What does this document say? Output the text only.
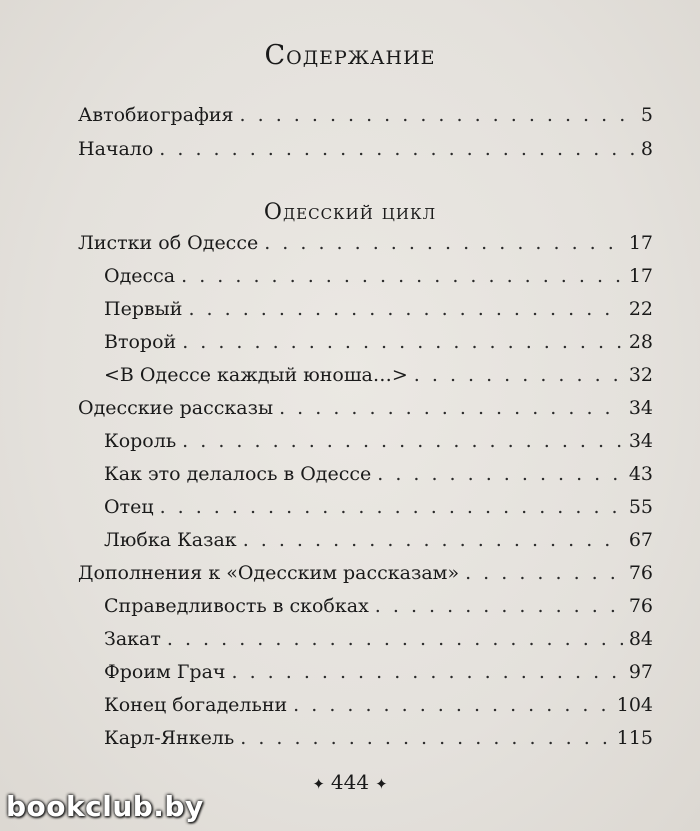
Содержание
Автобиография . . .	5
Начало . . .	8
Одесский цикл
Листки об Одессе . . .	17
Одесса . . .	17
Первый . . .	22
Второй . . .	28
<В Одессе каждый юноша…> . . .	32
Одесские рассказы . . .	34
Король . . .	34
Как это делалось в Одессе . . .	43
Отец . . .	55
Любка Казак . . .	67
Дополнения к «Одесским рассказам» . . .	76
Справедливость в скобках . . .	76
Закат . . .	84
Фроим Грач . . .	97
Конец богадельни . . .	104
Карл-Янкель . . .	115
✦ 444 ✦
bookclub.by
